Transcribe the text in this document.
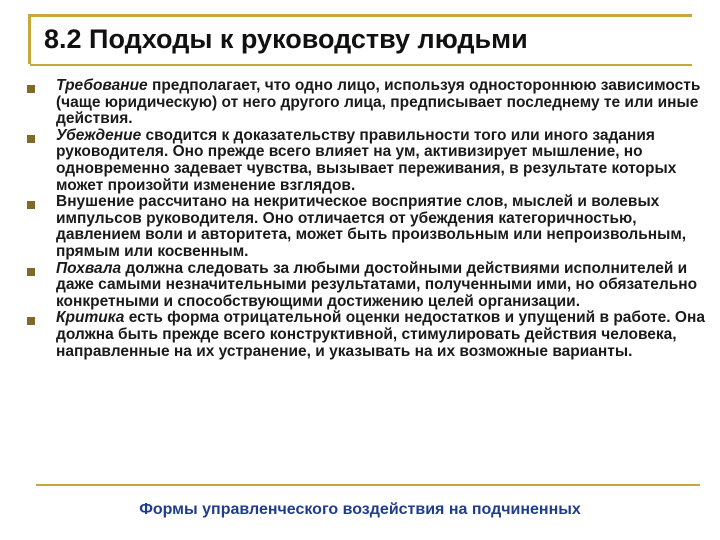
8.2 Подходы к руководству людьми
Требование предполагает, что одно лицо, используя одностороннюю зависимость (чаще юридическую) от него другого лица, предписывает последнему те или иные действия.
Убеждение сводится к доказательству правильности того или иного задания руководителя. Оно прежде всего влияет на ум, активизирует мышление, но одновременно задевает чувства, вызывает переживания, в результате которых может произойти изменение взглядов.
Внушение рассчитано на некритическое восприятие слов, мыслей и волевых импульсов руководителя. Оно отличается от убеждения категоричностью, давлением воли и авторитета, может быть произвольным или непроизвольным, прямым или косвенным.
Похвала должна следовать за любыми достойными действиями исполнителей и даже самыми незначительными результатами, полученными ими, но обязательно конкретными и способствующими достижению целей организации.
Критика есть форма отрицательной оценки недостатков и упущений в работе. Она должна быть прежде всего конструктивной, стимулировать действия человека, направленные на их устранение, и указывать на их возможные варианты.
Формы управленческого воздействия на подчиненных
